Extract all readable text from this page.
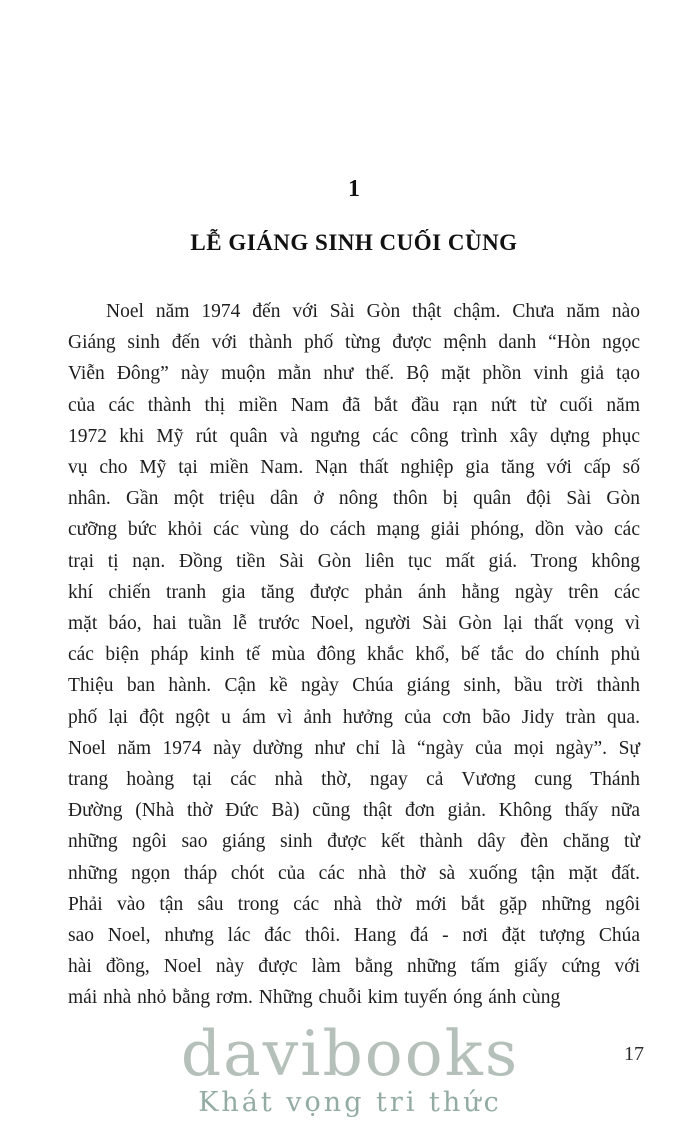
1
LỄ GIÁNG SINH CUỐI CÙNG
Noel năm 1974 đến với Sài Gòn thật chậm. Chưa năm nào
Giáng sinh đến với thành phố từng được mệnh danh “Hòn ngọc
Viễn Đông” này muộn mằn như thế. Bộ mặt phồn vinh giả tạo
của các thành thị miền Nam đã bắt đầu rạn nứt từ cuối năm
1972 khi Mỹ rút quân và ngưng các công trình xây dựng phục
vụ cho Mỹ tại miền Nam. Nạn thất nghiệp gia tăng với cấp số
nhân. Gần một triệu dân ở nông thôn bị quân đội Sài Gòn
cưỡng bức khỏi các vùng do cách mạng giải phóng, dồn vào các
trại tị nạn. Đồng tiền Sài Gòn liên tục mất giá. Trong không
khí chiến tranh gia tăng được phản ánh hằng ngày trên các
mặt báo, hai tuần lễ trước Noel, người Sài Gòn lại thất vọng vì
các biện pháp kinh tế mùa đông khắc khổ, bế tắc do chính phủ
Thiệu ban hành. Cận kề ngày Chúa giáng sinh, bầu trời thành
phố lại đột ngột u ám vì ảnh hưởng của cơn bão Jidy tràn qua.
Noel năm 1974 này dường như chỉ là “ngày của mọi ngày”. Sự
trang hoàng tại các nhà thờ, ngay cả Vương cung Thánh
Đường (Nhà thờ Đức Bà) cũng thật đơn giản. Không thấy nữa
những ngôi sao giáng sinh được kết thành dây đèn chăng từ
những ngọn tháp chót của các nhà thờ sà xuống tận mặt đất.
Phải vào tận sâu trong các nhà thờ mới bắt gặp những ngôi
sao Noel, nhưng lác đác thôi. Hang đá - nơi đặt tượng Chúa
hài đồng, Noel này được làm bằng những tấm giấy cứng với
mái nhà nhỏ bằng rơm. Những chuỗi kim tuyến óng ánh cùng
davibooks
Khát vọng tri thức
17
